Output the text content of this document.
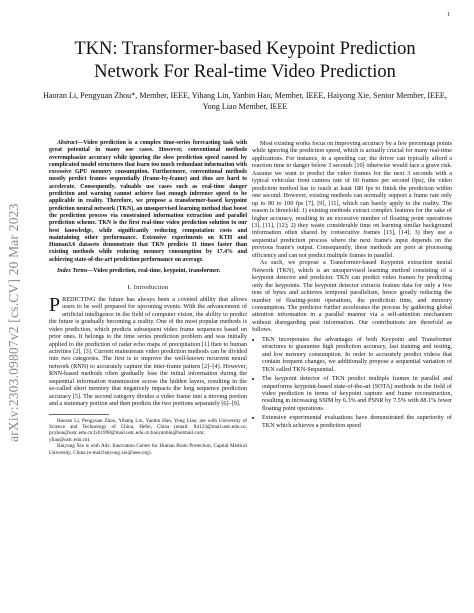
1
arXiv:2303.09807v2 [cs.CV] 20 Mar 2023
TKN: Transformer-based Keypoint Prediction Network For Real-time Video Prediction
Haoran Li, Pengyuan Zhou*, Member, IEEE, Yihang Lin, Yanbin Hao, Member, IEEE, Haiyong Xie, Senior Member, IEEE, Yong Liao Member, IEEE

Abstract—Video prediction is a complex time-series forecasting task with great potential in many use cases. However, conventional methods overemphasize accuracy while ignoring the slow prediction speed caused by complicated model structures that learn too much redundant information with excessive GPU memory consumption. Furthermore, conventional methods mostly predict frames sequentially (frame-by-frame) and thus are hard to accelerate. Consequently, valuable use cases such as real-time danger prediction and warning cannot achieve fast enough inference speed to be applicable in reality. Therefore, we propose a transformer-based keypoint prediction neural network (TKN), an unsupervised learning method that boost the prediction process via constrained information extraction and parallel prediction scheme. TKN is the first real-time video prediction solution to our best knowledge, while significantly reducing computation costs and maintaining other performance. Extensive experiments on KTH and Human3.6 datasets demonstrate that TKN predicts 11 times faster than existing methods while reducing memory consumption by 17.4% and achieving state-of-the-art prediction performance on average.

Index Terms—Video prediction, real-time, keypoint, transformer.

I. Introduction

PREDICTING the future has always been a coveted ability that allows users to be well prepared for upcoming events. With the advancement of artificial intelligence in the field of computer vision, the ability to predict the future is gradually becoming a reality. One of the most popular methods is video prediction, which predicts subsequent video frame sequences based on prior ones. It belongs to the time series prediction problem and was initially applied to the prediction of radar echo maps of precipitation [1] then to human activities [2], [3]. Current mainstream video prediction methods can be divided into two categories. The first is to improve the well-known recurrent neural network (RNN) to accurately capture the inter-frame pattern [2]–[4]. However, RNN-based methods often gradually lose the initial information during the sequential information transmission across the hidden layers, resulting in the so-called short memory that negatively impacts the long sequence prediction accuracy [5]. The second category divides a video frame into a moving portion and a stationary portion and then predicts the two portions separately [6]–[9].

Haoran Li, Pengyuan Zhou, Yihang Lin, Yanbin Hao, Yong Liao, are with University of Science and Technology of China, Hefei, China (email: lhl123@mail.ustc.edu.cn; pyzhou@ustc.edu.cn;lyh1998@mail.ustc.edu.cn;haoyanbin@hotmail.com; yliao@ustc.edu.cn).

Haiyong Xie is with Adv. Innovation Center for Human Brain Protection, Capital Medical University, China (e-mail:haiyong.xie@ieee.org).

Most existing works focus on improving accuracy by a few percentage points while ignoring the prediction speed, which is actually crucial for many real-time applications. For instance, in a speeding car, the driver can typically afford a reaction time to danger below 3 seconds [10] otherwise would face a grave risk. Assume we want to predict the video frames for the next 3 seconds with a typical vehicular front camera rate of 60 frames per second (fps), the video prediction method has to reach at least 180 fps to finish the prediction within one second. However, existing methods can normally support a frame rate only up to 80 to 100 fps [7], [9], [11], which can barely apply to the reality. The reason is threefold: 1) existing methods extract complex features for the sake of higher accuracy, resulting in an excessive number of floating point operations [3], [11], [12]; 2) they waste considerable time on learning similar background information often shared by consecutive frames [13], [14]; 3) they use a sequential prediction process where the next frame's input depends on the previous frame's output. Consequently, these methods are poor at processing efficiency and can not predict multiple frames in parallel.

As such, we propose a Transformer-based Keypoint extraction neural Network (TKN), which is an unsupervised learning method consisting of a keypoint detector and predictor. TKN can predict video frames by predicting only the keypoints. The keypoint detector extracts feature data for only a few tens of bytes and achieves temporal parallelism, hence greatly reducing the number of floating-point operations, the prediction time, and memory consumption. The predictor further accelerates the process by gathering global attention information in a parallel manner via a self-attention mechanism without disregarding past information. Our contributions are threefold as follows.

• TKN incorporates the advantages of both Keypoint and Transformer structures to guarantee high prediction accuracy, fast training and testing, and low memory consumption. In order to accurately predict videos that contain frequent changes, we additionally propose a sequential variation of TKN called TKN-Sequential.
• The keypoint detector of TKN predict multiple frames in parallel and outperforms keypoint-based state-of-the-art (SOTA) methods in the field of video prediction in terms of keypoint capture and frame reconstruction, resulting in increasing SSIM by 6.3% and PSNR by 7.5% with 88.1% fewer floating point operations.
• Extensive experimental evaluations have demonstrated the superiority of TKN which achieves a prediction speed
